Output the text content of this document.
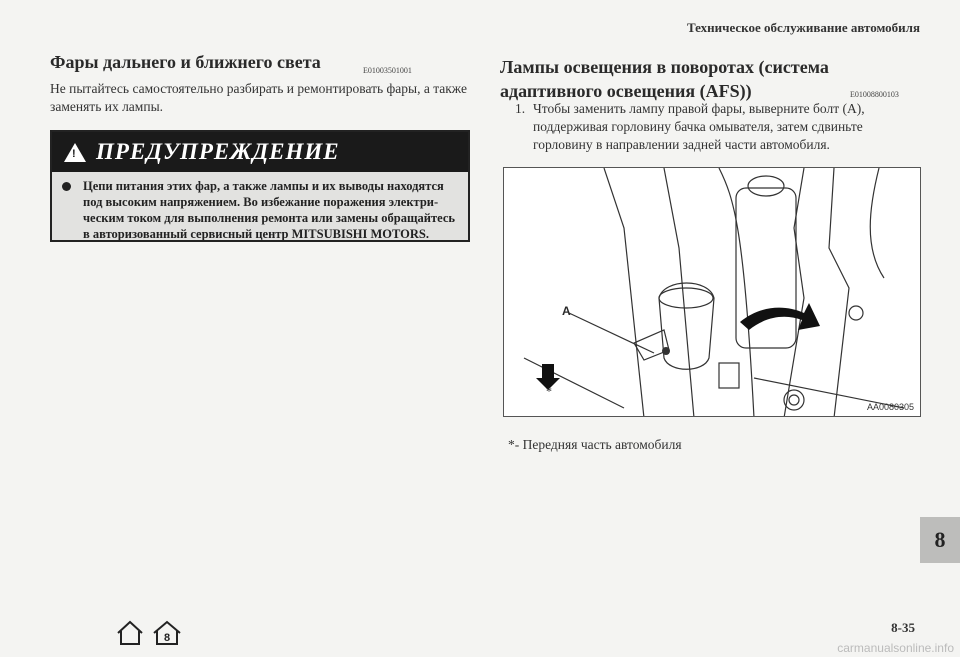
Техническое обслуживание автомобиля
Фары дальнего и ближнего света	E01003501001
Не пытайтесь самостоятельно разбирать и ремонтировать фары, а также заменять их лампы.
! ПРЕДУПРЕЖДЕНИЕ
Цепи питания этих фар, а также лампы и их выводы находятся под высоким напряжением. Во избежание поражения электри-ческим током для выполнения ремонта или замены обращайтесь в авторизованный сервисный центр MITSUBISHI MOTORS.
Лампы освещения в поворотах (система адаптивного освещения (AFS))	E01008800103
1. Чтобы заменить лампу правой фары, выверните болт (A), поддерживая горловину бачка омывателя, затем сдвиньте горловину в направлении задней части автомобиля.
A
*
AA0080305
*- Передняя часть автомобиля
8
8-35
8
carmanualsonline.info
